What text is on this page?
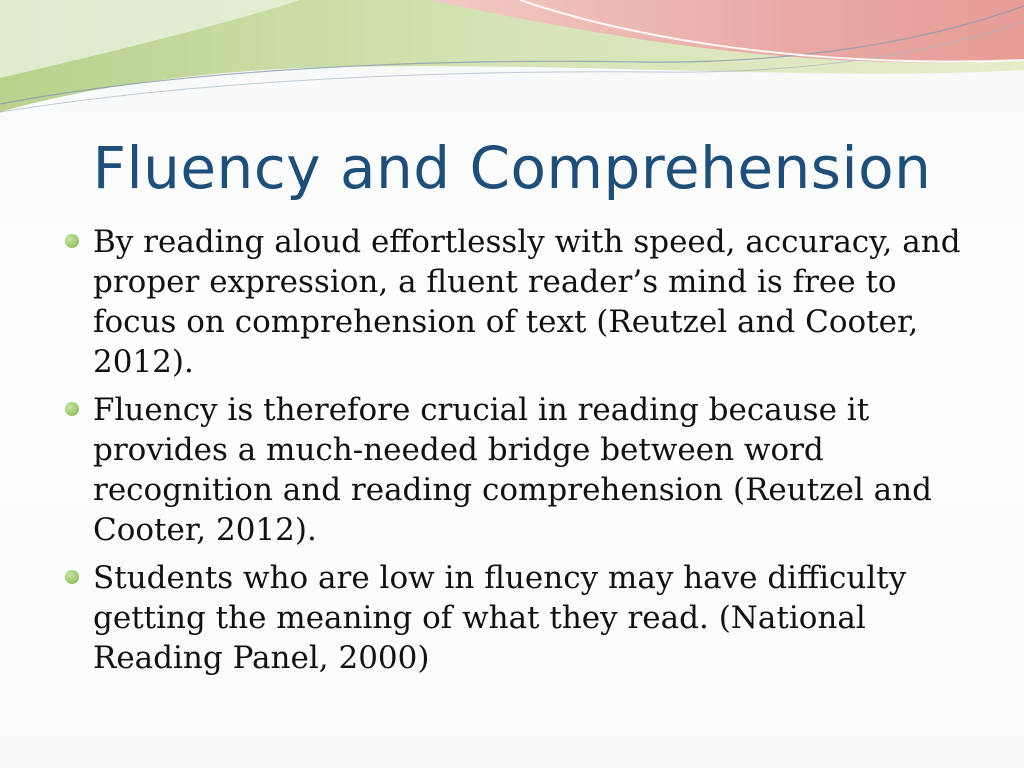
Fluency and Comprehension
By reading aloud effortlessly with speed, accuracy, and proper expression, a fluent reader’s mind is free to focus on comprehension of text (Reutzel and Cooter, 2012).
Fluency is therefore crucial in reading because it provides a much-needed bridge between word recognition and reading comprehension (Reutzel and Cooter, 2012).
Students who are low in fluency may have difficulty getting the meaning of what they read. (National Reading Panel, 2000)
